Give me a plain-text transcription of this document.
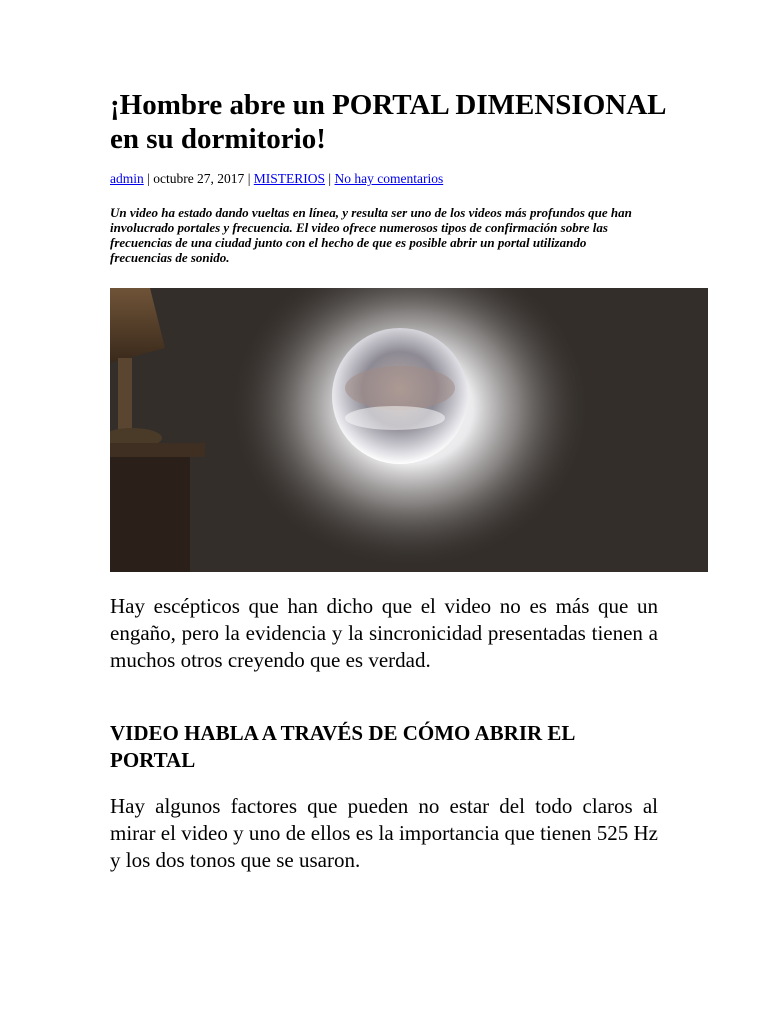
¡Hombre abre un PORTAL DIMENSIONAL en su dormitorio!
admin | octubre 27, 2017 | MISTERIOS | No hay comentarios

Un video ha estado dando vueltas en línea, y resulta ser uno de los videos más profundos que han involucrado portales y frecuencia. El video ofrece numerosos tipos de confirmación sobre las frecuencias de una ciudad junto con el hecho de que es posible abrir un portal utilizando frecuencias de sonido.

Hay escépticos que han dicho que el video no es más que un engaño, pero la evidencia y la sincronicidad presentadas tienen a muchos otros creyendo que es verdad.

VIDEO HABLA A TRAVÉS DE CÓMO ABRIR EL PORTAL

Hay algunos factores que pueden no estar del todo claros al mirar el video y uno de ellos es la importancia que tienen 525 Hz y los dos tonos que se usaron.
